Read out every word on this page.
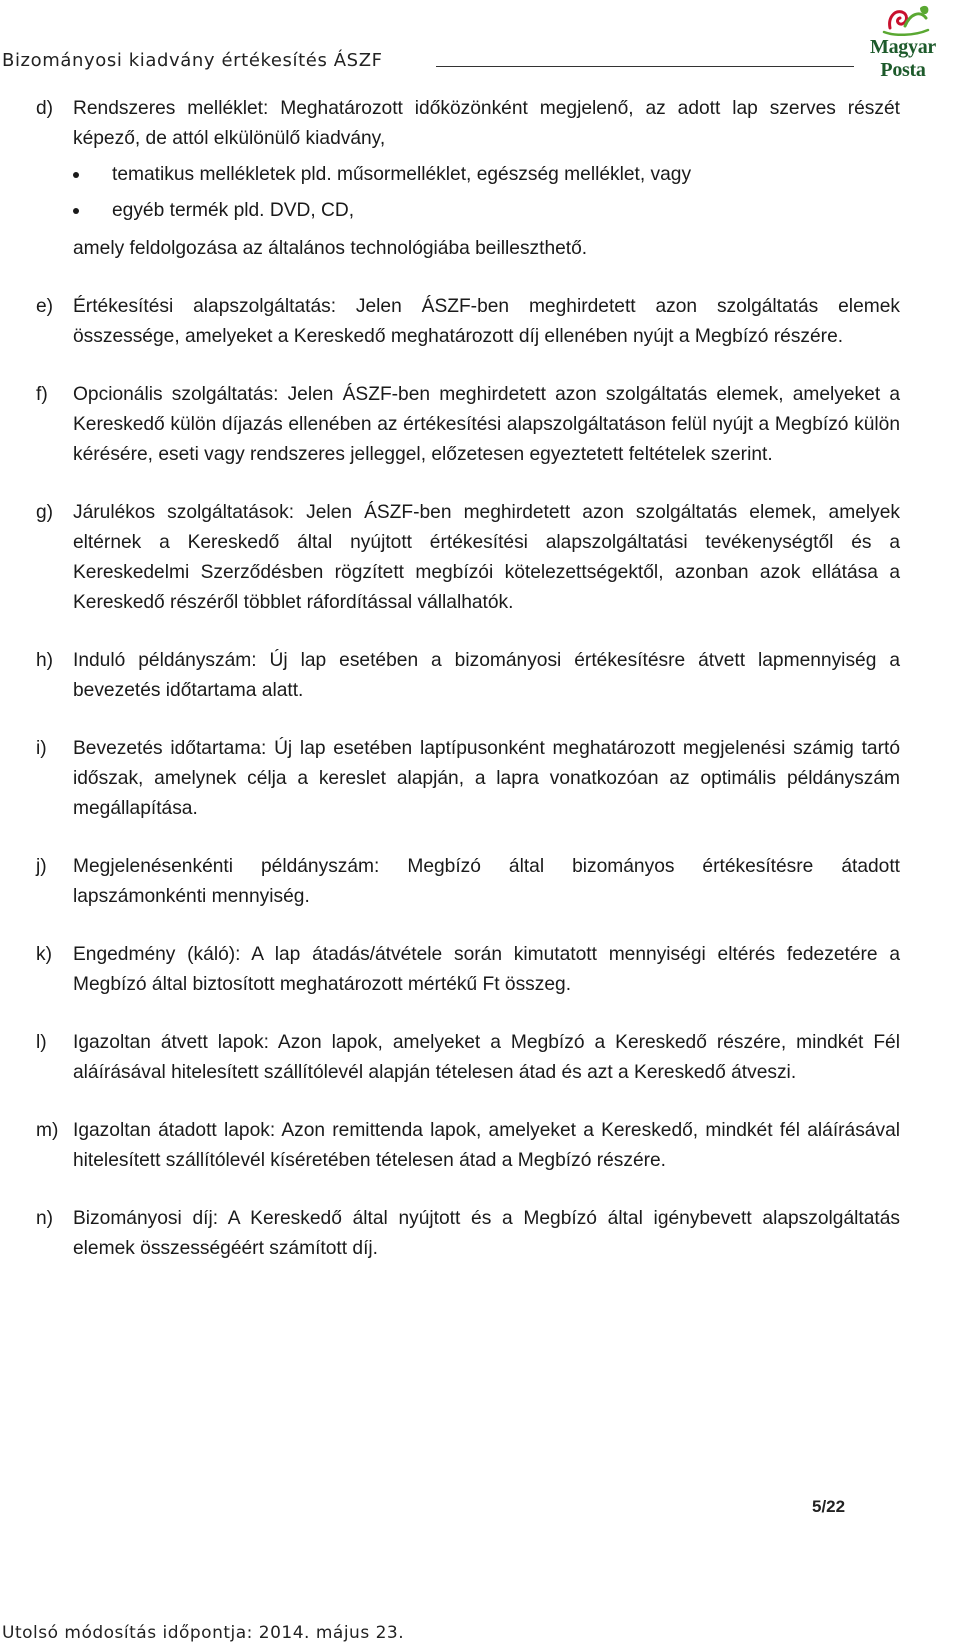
Bizományosi kiadvány értékesítés ÁSZF
Magyar Posta
d) Rendszeres melléklet: Meghatározott időközönként megjelenő, az adott lap szerves részét képező, de attól elkülönülő kiadvány,
tematikus mellékletek pld. műsormelléklet, egészség melléklet, vagy
egyéb termék pld. DVD, CD,
amely feldolgozása az általános technológiába beilleszthető.
e) Értékesítési alapszolgáltatás: Jelen ÁSZF-ben meghirdetett azon szolgáltatás elemek összessége, amelyeket a Kereskedő meghatározott díj ellenében nyújt a Megbízó részére.
f) Opcionális szolgáltatás: Jelen ÁSZF-ben meghirdetett azon szolgáltatás elemek, amelyeket a Kereskedő külön díjazás ellenében az értékesítési alapszolgáltatáson felül nyújt a Megbízó külön kérésére, eseti vagy rendszeres jelleggel, előzetesen egyeztetett feltételek szerint.
g) Járulékos szolgáltatások: Jelen ÁSZF-ben meghirdetett azon szolgáltatás elemek, amelyek eltérnek a Kereskedő által nyújtott értékesítési alapszolgáltatási tevékenységtől és a Kereskedelmi Szerződésben rögzített megbízói kötelezettségektől, azonban azok ellátása a Kereskedő részéről többlet ráfordítással vállalhatók.
h) Induló példányszám: Új lap esetében a bizományosi értékesítésre átvett lapmennyiség a bevezetés időtartama alatt.
i) Bevezetés időtartama: Új lap esetében laptípusonként meghatározott megjelenési számig tartó időszak, amelynek célja a kereslet alapján, a lapra vonatkozóan az optimális példányszám megállapítása.
j) Megjelenésenkénti példányszám: Megbízó által bizományos értékesítésre átadott lapszámonkénti mennyiség.
k) Engedmény (káló): A lap átadás/átvétele során kimutatott mennyiségi eltérés fedezetére a Megbízó által biztosított meghatározott mértékű Ft összeg.
l) Igazoltan átvett lapok: Azon lapok, amelyeket a Megbízó a Kereskedő részére, mindkét Fél aláírásával hitelesített szállítólevél alapján tételesen átad és azt a Kereskedő átveszi.
m) Igazoltan átadott lapok: Azon remittenda lapok, amelyeket a Kereskedő, mindkét fél aláírásával hitelesített szállítólevél kíséretében tételesen átad a Megbízó részére.
n) Bizományosi díj: A Kereskedő által nyújtott és a Megbízó által igénybevett alapszolgáltatás elemek összességéért számított díj.
5/22
Utolsó módosítás időpontja: 2014. május 23.
